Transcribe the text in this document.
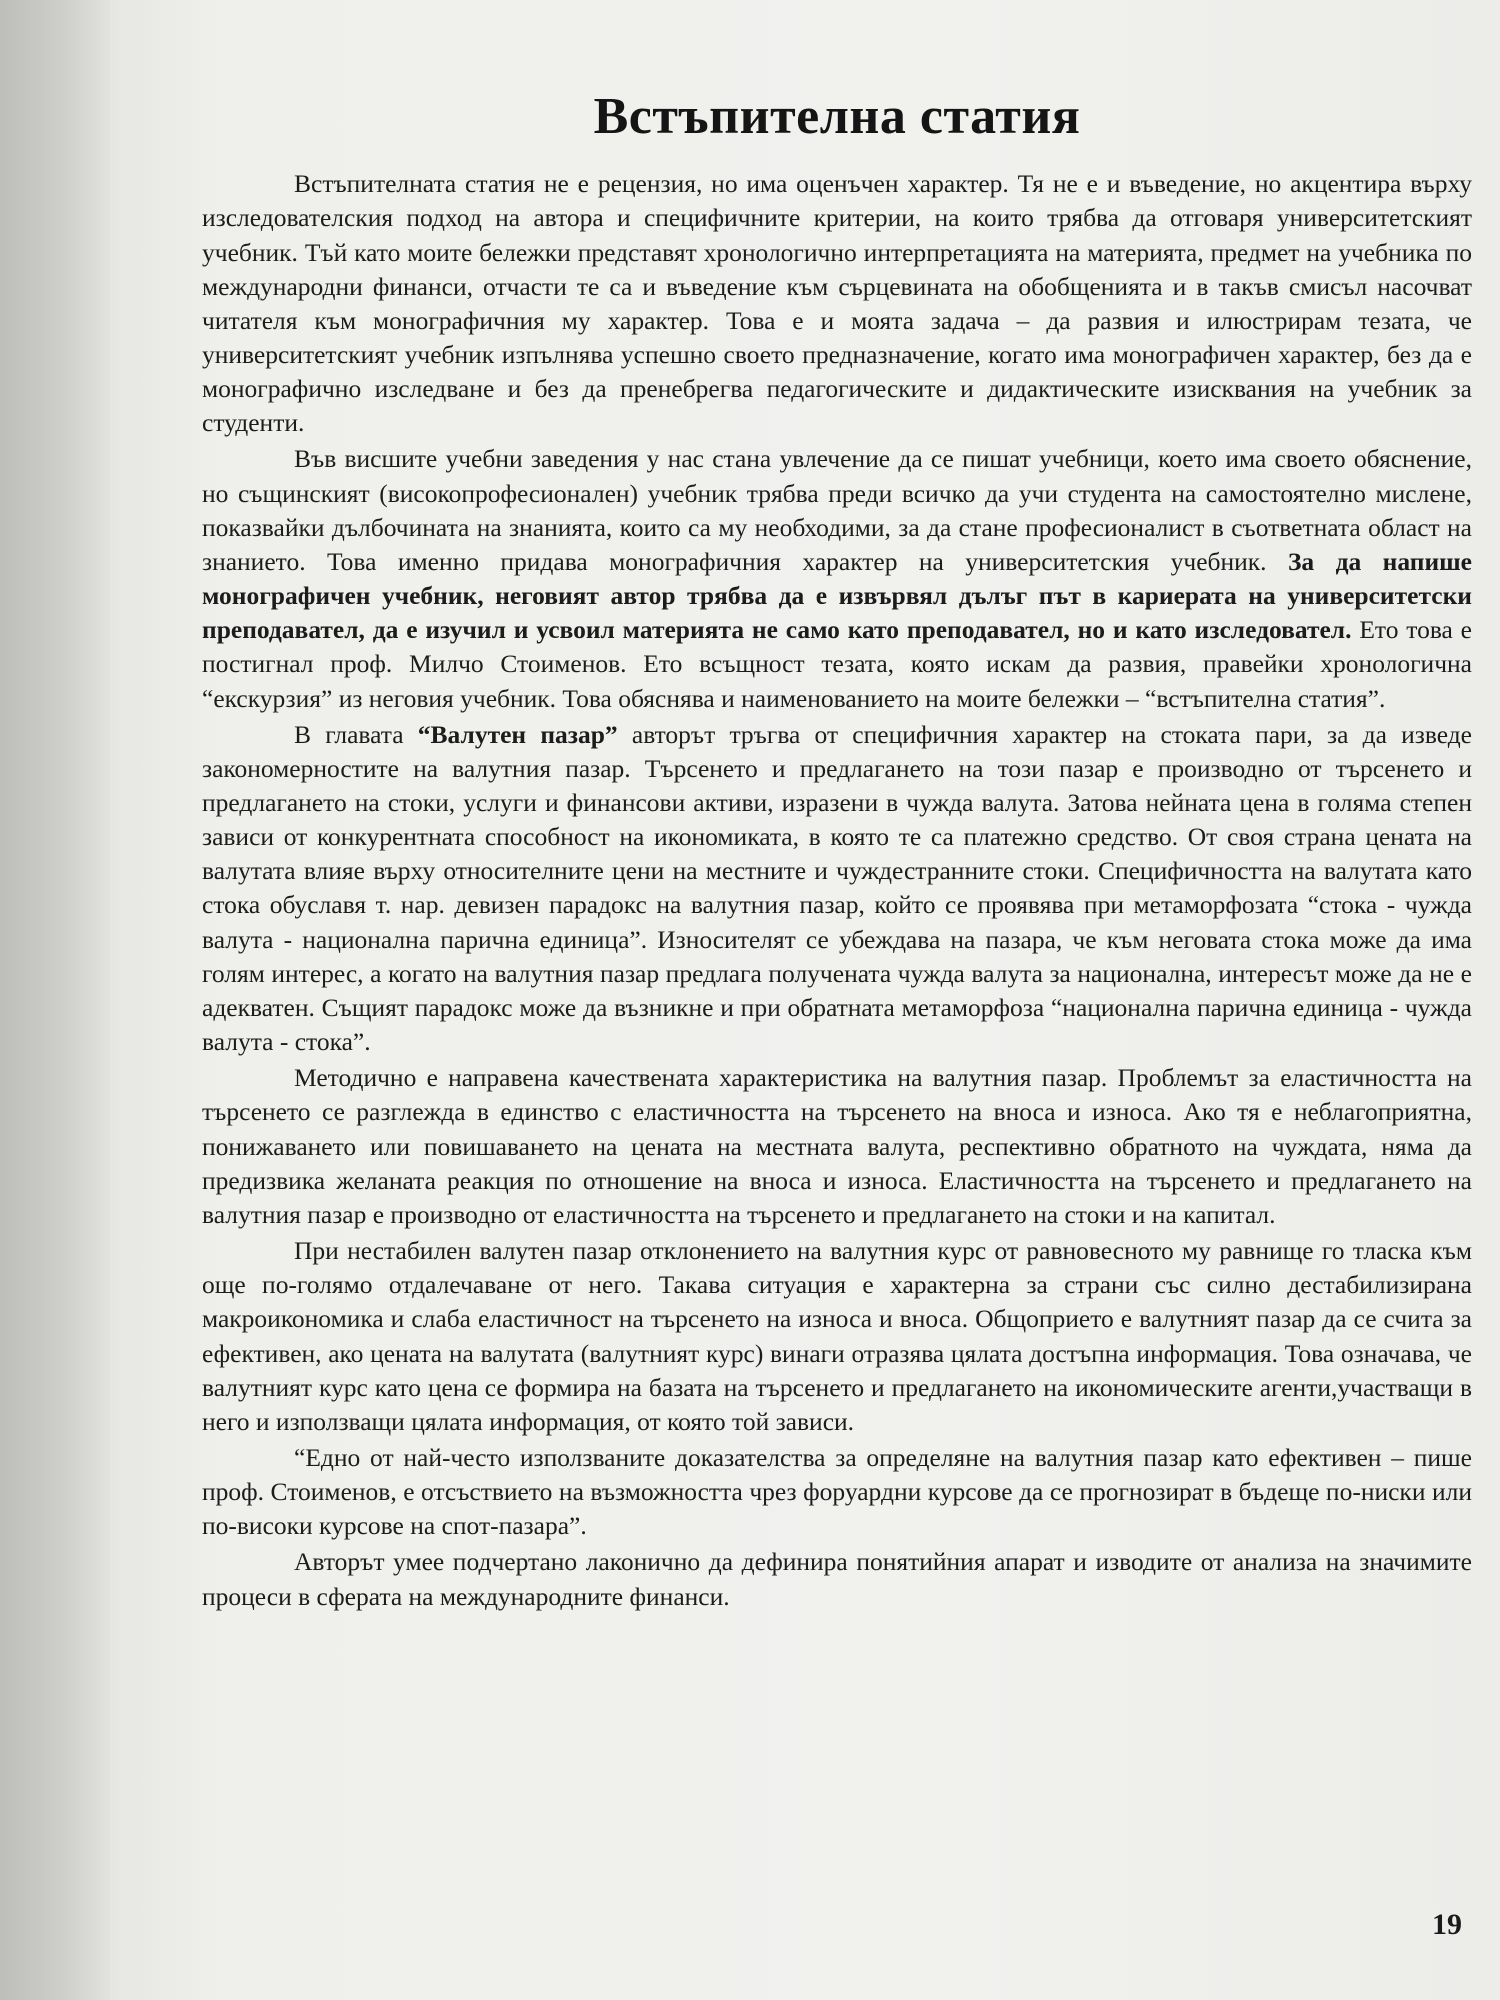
Встъпителна статия

Встъпителната статия не е рецензия, но има оценъчен характер. Тя не е и въведение, но акцентира върху изследователския подход на автора и специфичните критерии, на които трябва да отговаря университетският учебник. Тъй като моите бележки представят хронологично интерпретацията на материята, предмет на учебника по международни финанси, отчасти те са и въведение към сърцевината на обобщенията и в такъв смисъл насочват читателя към монографичния му характер. Това е и моята задача – да развия и илюстрирам тезата, че университетският учебник изпълнява успешно своето предназначение, когато има монографичен характер, без да е монографично изследване и без да пренебрегва педагогическите и дидактическите изисквания на учебник за студенти.

Във висшите учебни заведения у нас стана увлечение да се пишат учебници, което има своето обяснение, но същинският (високопрофесионален) учебник трябва преди всичко да учи студента на самостоятелно мислене, показвайки дълбочината на знанията, които са му необходими, за да стане професионалист в съответната област на знанието. Това именно придава монографичния характер на университетския учебник. За да напише монографичен учебник, неговият автор трябва да е извървял дълъг път в кариерата на университетски преподавател, да е изучил и усвоил материята не само като преподавател, но и като изследовател. Ето това е постигнал проф. Милчо Стоименов. Ето всъщност тезата, която искам да развия, правейки хронологична “екскурзия” из неговия учебник. Това обяснява и наименованието на моите бележки – “встъпителна статия”.

В главата “Валутен пазар” авторът тръгва от специфичния характер на стоката пари, за да изведе закономерностите на валутния пазар. Търсенето и предлагането на този пазар е производно от търсенето и предлагането на стоки, услуги и финансови активи, изразени в чужда валута. Затова нейната цена в голяма степен зависи от конкурентната способност на икономиката, в която те са платежно средство. От своя страна цената на валутата влияе върху относителните цени на местните и чуждестранните стоки. Специфичността на валутата като стока обуславя т. нар. девизен парадокс на валутния пазар, който се проявява при метаморфозата “стока - чужда валута - национална парична единица”. Износителят се убеждава на пазара, че към неговата стока може да има голям интерес, а когато на валутния пазар предлага получената чужда валута за национална, интересът може да не е адекватен. Същият парадокс може да възникне и при обратната метаморфоза “национална парична единица - чужда валута - стока”.

Методично е направена качествената характеристика на валутния пазар. Проблемът за еластичността на търсенето се разглежда в единство с еластичността на търсенето на вноса и износа. Ако тя е неблагоприятна, понижаването или повишаването на цената на местната валута, респективно обратното на чуждата, няма да предизвика желаната реакция по отношение на вноса и износа. Еластичността на търсенето и предлагането на валутния пазар е производно от еластичността на търсенето и предлагането на стоки и на капитал.

При нестабилен валутен пазар отклонението на валутния курс от равновесното му равнище го тласка към още по-голямо отдалечаване от него. Такава ситуация е характерна за страни със силно дестабилизирана макроикономика и слаба еластичност на търсенето на износа и вноса. Общоприето е валутният пазар да се счита за ефективен, ако цената на валутата (валутният курс) винаги отразява цялата достъпна информация. Това означава, че валутният курс като цена се формира на базата на търсенето и предлагането на икономическите агенти,участващи в него и използващи цялата информация, от която той зависи.

“Едно от най-често използваните доказателства за определяне на валутния пазар като ефективен – пише проф. Стоименов, е отсъствието на възможността чрез форуардни курсове да се прогнозират в бъдеще по-ниски или по-високи курсове на спот-пазара”.

Авторът умее подчертано лаконично да дефинира понятийния апарат и изводите от анализа на значимите процеси в сферата на международните финанси.

19
